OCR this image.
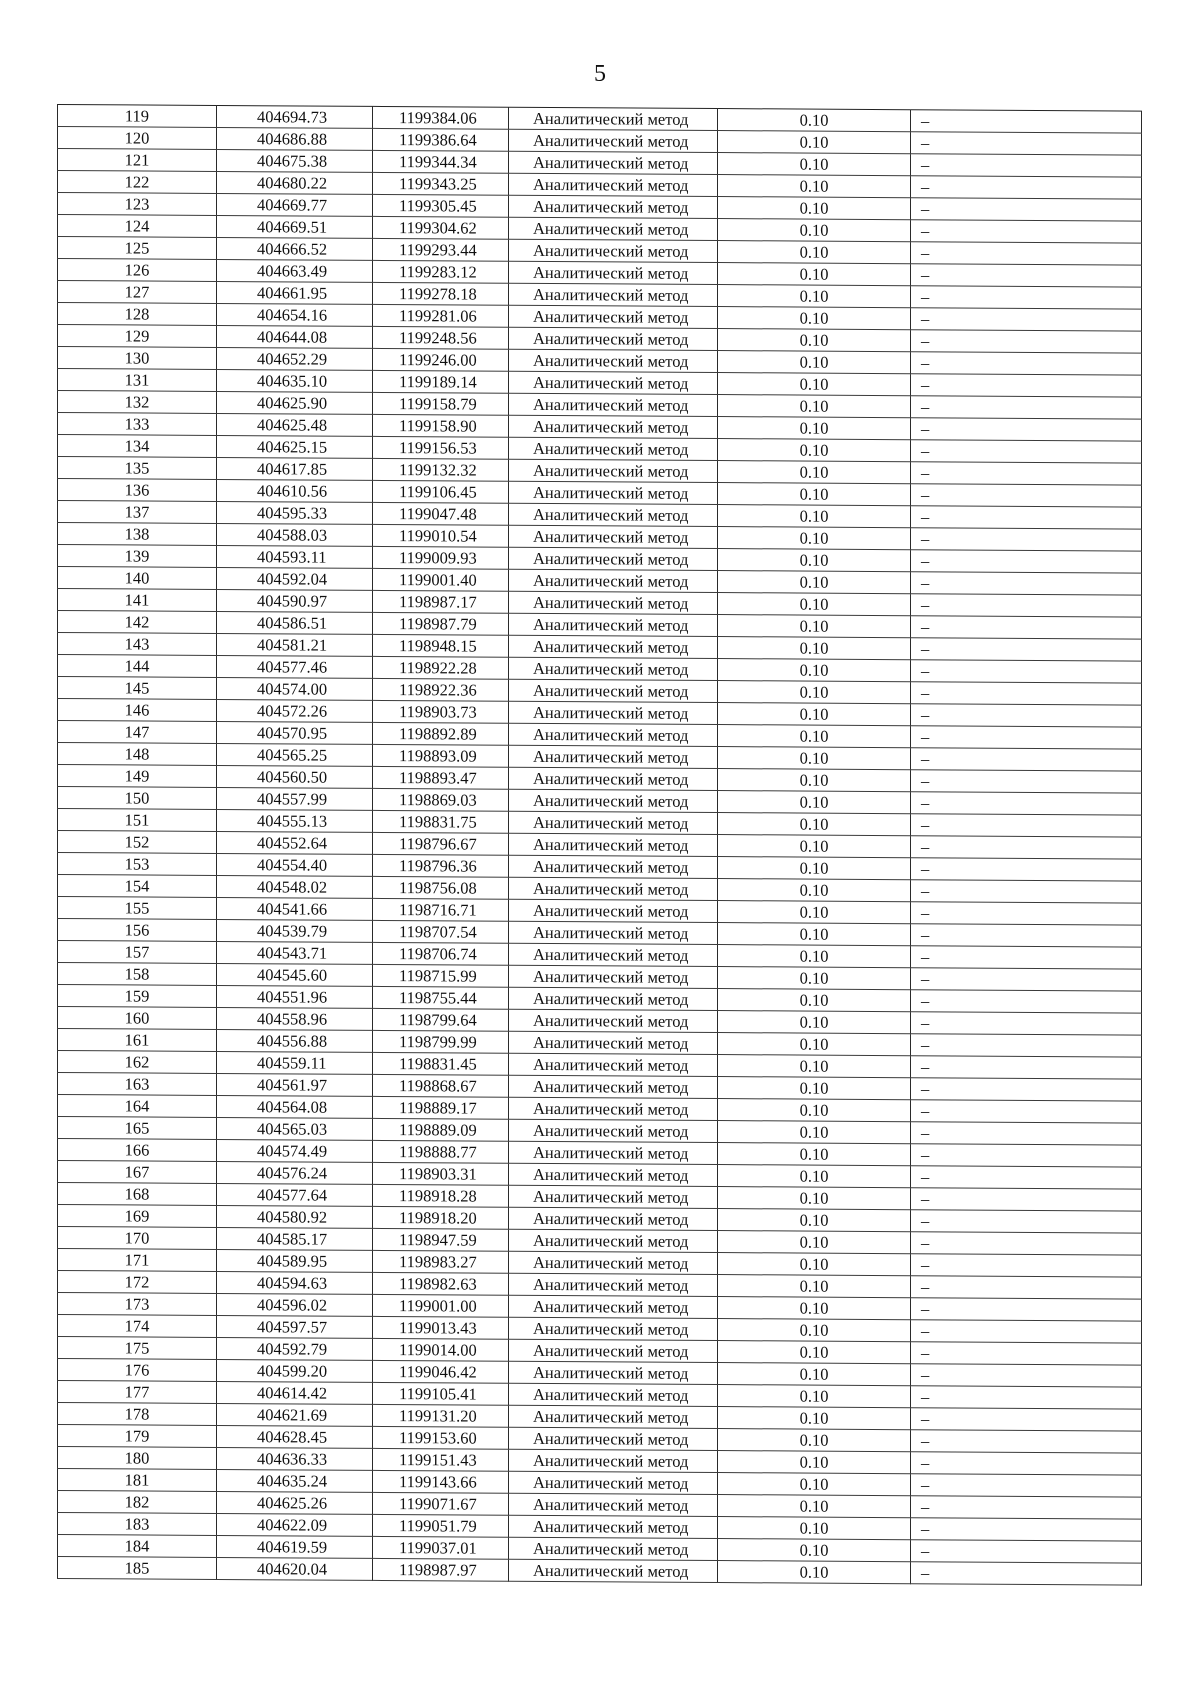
5
119	404694.73	1199384.06	Аналитический метод	0.10	–
120	404686.88	1199386.64	Аналитический метод	0.10	–
121	404675.38	1199344.34	Аналитический метод	0.10	–
122	404680.22	1199343.25	Аналитический метод	0.10	–
123	404669.77	1199305.45	Аналитический метод	0.10	–
124	404669.51	1199304.62	Аналитический метод	0.10	–
125	404666.52	1199293.44	Аналитический метод	0.10	–
126	404663.49	1199283.12	Аналитический метод	0.10	–
127	404661.95	1199278.18	Аналитический метод	0.10	–
128	404654.16	1199281.06	Аналитический метод	0.10	–
129	404644.08	1199248.56	Аналитический метод	0.10	–
130	404652.29	1199246.00	Аналитический метод	0.10	–
131	404635.10	1199189.14	Аналитический метод	0.10	–
132	404625.90	1199158.79	Аналитический метод	0.10	–
133	404625.48	1199158.90	Аналитический метод	0.10	–
134	404625.15	1199156.53	Аналитический метод	0.10	–
135	404617.85	1199132.32	Аналитический метод	0.10	–
136	404610.56	1199106.45	Аналитический метод	0.10	–
137	404595.33	1199047.48	Аналитический метод	0.10	–
138	404588.03	1199010.54	Аналитический метод	0.10	–
139	404593.11	1199009.93	Аналитический метод	0.10	–
140	404592.04	1199001.40	Аналитический метод	0.10	–
141	404590.97	1198987.17	Аналитический метод	0.10	–
142	404586.51	1198987.79	Аналитический метод	0.10	–
143	404581.21	1198948.15	Аналитический метод	0.10	–
144	404577.46	1198922.28	Аналитический метод	0.10	–
145	404574.00	1198922.36	Аналитический метод	0.10	–
146	404572.26	1198903.73	Аналитический метод	0.10	–
147	404570.95	1198892.89	Аналитический метод	0.10	–
148	404565.25	1198893.09	Аналитический метод	0.10	–
149	404560.50	1198893.47	Аналитический метод	0.10	–
150	404557.99	1198869.03	Аналитический метод	0.10	–
151	404555.13	1198831.75	Аналитический метод	0.10	–
152	404552.64	1198796.67	Аналитический метод	0.10	–
153	404554.40	1198796.36	Аналитический метод	0.10	–
154	404548.02	1198756.08	Аналитический метод	0.10	–
155	404541.66	1198716.71	Аналитический метод	0.10	–
156	404539.79	1198707.54	Аналитический метод	0.10	–
157	404543.71	1198706.74	Аналитический метод	0.10	–
158	404545.60	1198715.99	Аналитический метод	0.10	–
159	404551.96	1198755.44	Аналитический метод	0.10	–
160	404558.96	1198799.64	Аналитический метод	0.10	–
161	404556.88	1198799.99	Аналитический метод	0.10	–
162	404559.11	1198831.45	Аналитический метод	0.10	–
163	404561.97	1198868.67	Аналитический метод	0.10	–
164	404564.08	1198889.17	Аналитический метод	0.10	–
165	404565.03	1198889.09	Аналитический метод	0.10	–
166	404574.49	1198888.77	Аналитический метод	0.10	–
167	404576.24	1198903.31	Аналитический метод	0.10	–
168	404577.64	1198918.28	Аналитический метод	0.10	–
169	404580.92	1198918.20	Аналитический метод	0.10	–
170	404585.17	1198947.59	Аналитический метод	0.10	–
171	404589.95	1198983.27	Аналитический метод	0.10	–
172	404594.63	1198982.63	Аналитический метод	0.10	–
173	404596.02	1199001.00	Аналитический метод	0.10	–
174	404597.57	1199013.43	Аналитический метод	0.10	–
175	404592.79	1199014.00	Аналитический метод	0.10	–
176	404599.20	1199046.42	Аналитический метод	0.10	–
177	404614.42	1199105.41	Аналитический метод	0.10	–
178	404621.69	1199131.20	Аналитический метод	0.10	–
179	404628.45	1199153.60	Аналитический метод	0.10	–
180	404636.33	1199151.43	Аналитический метод	0.10	–
181	404635.24	1199143.66	Аналитический метод	0.10	–
182	404625.26	1199071.67	Аналитический метод	0.10	–
183	404622.09	1199051.79	Аналитический метод	0.10	–
184	404619.59	1199037.01	Аналитический метод	0.10	–
185	404620.04	1198987.97	Аналитический метод	0.10	–
